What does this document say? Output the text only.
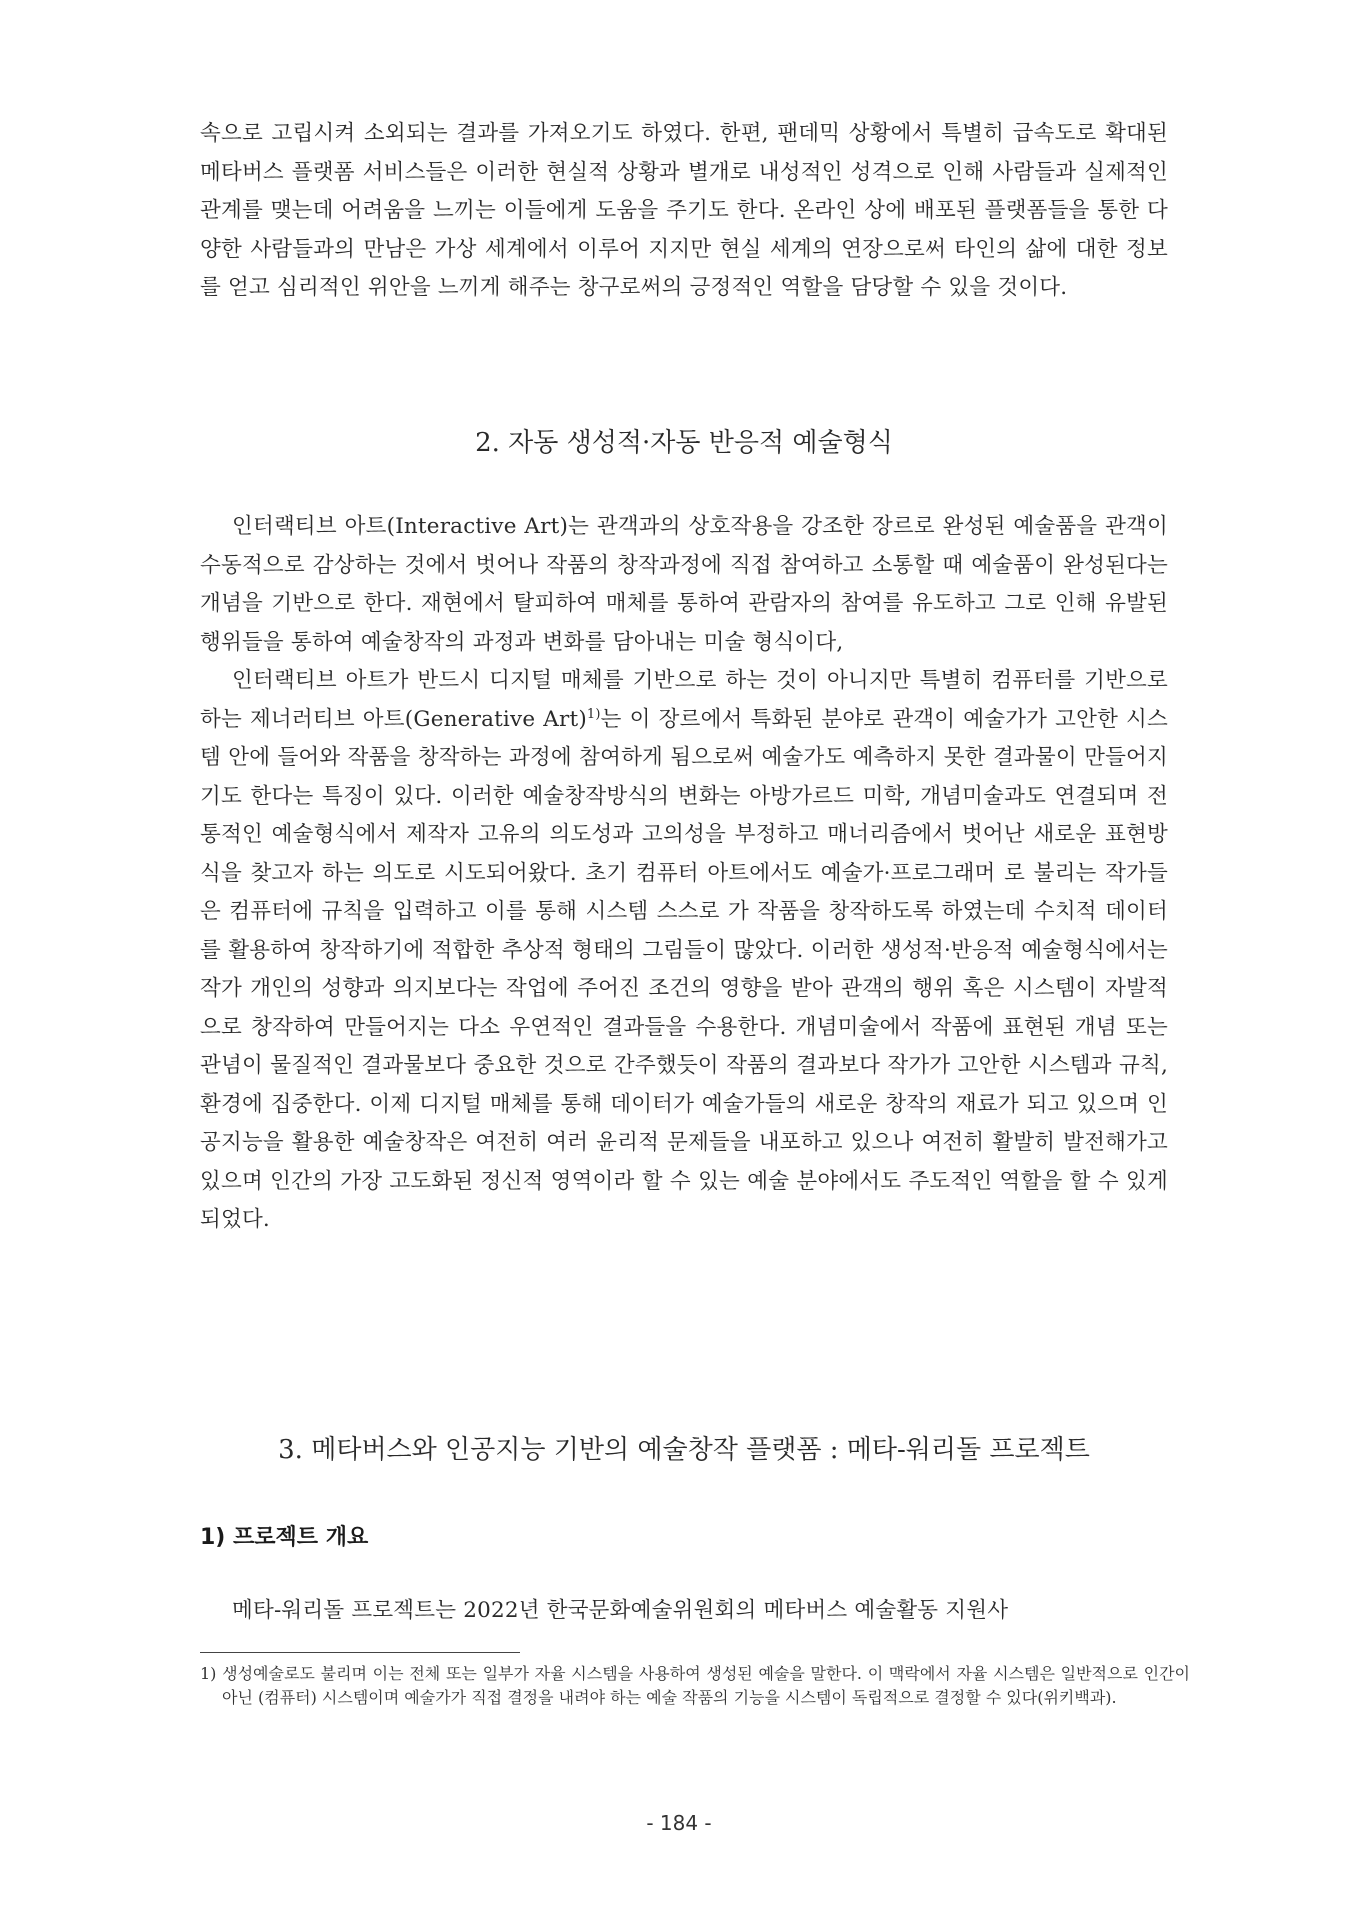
속으로 고립시켜 소외되는 결과를 가져오기도 하였다. 한편, 팬데믹 상황에서 특별히 급속도로 확대된 메타버스 플랫폼 서비스들은 이러한 현실적 상황과 별개로 내성적인 성격으로 인해 사람들과 실제적인 관계를 맺는데 어려움을 느끼는 이들에게 도움을 주기도 한다. 온라인 상에 배포된 플랫폼들을 통한 다양한 사람들과의 만남은 가상 세계에서 이루어 지지만 현실 세계의 연장으로써 타인의 삶에 대한 정보를 얻고 심리적인 위안을 느끼게 해주는 창구로써의 긍정적인 역할을 담당할 수 있을 것이다.

2. 자동 생성적·자동 반응적 예술형식

인터랙티브 아트(Interactive Art)는 관객과의 상호작용을 강조한 장르로 완성된 예술품을 관객이 수동적으로 감상하는 것에서 벗어나 작품의 창작과정에 직접 참여하고 소통할 때 예술품이 완성된다는 개념을 기반으로 한다. 재현에서 탈피하여 매체를 통하여 관람자의 참여를 유도하고 그로 인해 유발된 행위들을 통하여 예술창작의 과정과 변화를 담아내는 미술 형식이다,

인터랙티브 아트가 반드시 디지털 매체를 기반으로 하는 것이 아니지만 특별히 컴퓨터를 기반으로 하는 제너러티브 아트(Generative Art)$^{1)}$는 이 장르에서 특화된 분야로 관객이 예술가가 고안한 시스템 안에 들어와 작품을 창작하는 과정에 참여하게 됨으로써 예술가도 예측하지 못한 결과물이 만들어지기도 한다는 특징이 있다. 이러한 예술창작방식의 변화는 아방가르드 미학, 개념미술과도 연결되며 전통적인 예술형식에서 제작자 고유의 의도성과 고의성을 부정하고 매너리즘에서 벗어난 새로운 표현방식을 찾고자 하는 의도로 시도되어왔다. 초기 컴퓨터 아트에서도 예술가·프로그래머 로 불리는 작가들은 컴퓨터에 규칙을 입력하고 이를 통해 시스템 스스로 가 작품을 창작하도록 하였는데 수치적 데이터를 활용하여 창작하기에 적합한 추상적 형태의 그림들이 많았다. 이러한 생성적·반응적 예술형식에서는 작가 개인의 성향과 의지보다는 작업에 주어진 조건의 영향을 받아 관객의 행위 혹은 시스템이 자발적으로 창작하여 만들어지는 다소 우연적인 결과들을 수용한다. 개념미술에서 작품에 표현된 개념 또는 관념이 물질적인 결과물보다 중요한 것으로 간주했듯이 작품의 결과보다 작가가 고안한 시스템과 규칙, 환경에 집중한다. 이제 디지털 매체를 통해 데이터가 예술가들의 새로운 창작의 재료가 되고 있으며 인공지능을 활용한 예술창작은 여전히 여러 윤리적 문제들을 내포하고 있으나 여전히 활발히 발전해가고 있으며 인간의 가장 고도화된 정신적 영역이라 할 수 있는 예술 분야에서도 주도적인 역할을 할 수 있게 되었다.

3. 메타버스와 인공지능 기반의 예술창작 플랫폼 : 메타-워리돌 프로젝트
1) 프로젝트 개요

메타-워리돌 프로젝트는 2022년 한국문화예술위원회의 메타버스 예술활동 지원사

1) 생성예술로도 불리며 이는 전체 또는 일부가 자율 시스템을 사용하여 생성된 예술을 말한다. 이 맥락에서 자율 시스템은 일반적으로 인간이 아닌 (컴퓨터) 시스템이며 예술가가 직접 결정을 내려야 하는 예술 작품의 기능을 시스템이 독립적으로 결정할 수 있다(위키백과).

- 184 -
